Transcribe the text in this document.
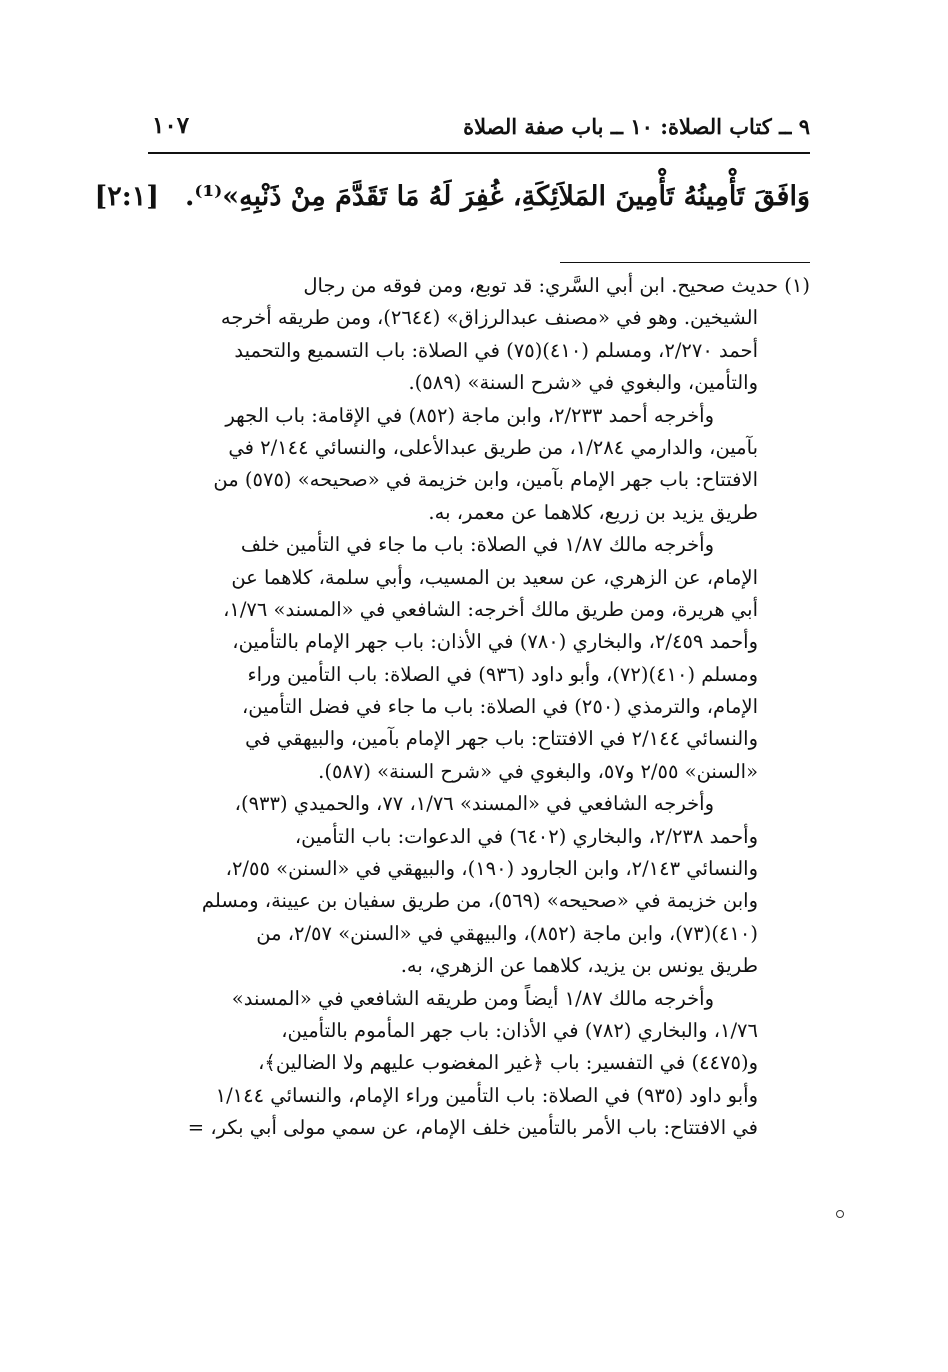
٩ ــ كتاب الصلاة: ١٠ ــ باب صفة الصلاة
١٠٧
وَافَقَ تَأْمِينُهُ تَأْمِينَ المَلاَئِكَةِ، غُفِرَ لَهُ مَا تَقَدَّمَ مِنْ ذَنْبِهِ»⁽¹⁾.[٢:١]
(١) حديث صحيح. ابن أبي السَّري: قد توبع، ومن فوقه من رجال
الشيخين. وهو في «مصنف عبدالرزاق» (٢٦٤٤)، ومن طريقه أخرجه
أحمد ٢/٢٧٠، ومسلم (٤١٠)(٧٥) في الصلاة: باب التسميع والتحميد
والتأمين، والبغوي في «شرح السنة» (٥٨٩).
وأخرجه أحمد ٢/٢٣٣، وابن ماجة (٨٥٢) في الإقامة: باب الجهر
بآمين، والدارمي ١/٢٨٤، من طريق عبدالأعلى، والنسائي ٢/١٤٤ في
الافتتاح: باب جهر الإمام بآمين، وابن خزيمة في «صحيحه» (٥٧٥) من
طريق يزيد بن زريع، كلاهما عن معمر، به.
وأخرجه مالك ١/٨٧ في الصلاة: باب ما جاء في التأمين خلف
الإمام، عن الزهري، عن سعيد بن المسيب، وأبي سلمة، كلاهما عن
أبي هريرة، ومن طريق مالك أخرجه: الشافعي في «المسند» ١/٧٦،
وأحمد ٢/٤٥٩، والبخاري (٧٨٠) في الأذان: باب جهر الإمام بالتأمين،
ومسلم (٤١٠)(٧٢)، وأبو داود (٩٣٦) في الصلاة: باب التأمين وراء
الإمام، والترمذي (٢٥٠) في الصلاة: باب ما جاء في فضل التأمين،
والنسائي ٢/١٤٤ في الافتتاح: باب جهر الإمام بآمين، والبيهقي في
«السنن» ٢/٥٥ و٥٧، والبغوي في «شرح السنة» (٥٨٧).
وأخرجه الشافعي في «المسند» ١/٧٦، ٧٧، والحميدي (٩٣٣)،
وأحمد ٢/٢٣٨، والبخاري (٦٤٠٢) في الدعوات: باب التأمين،
والنسائي ٢/١٤٣، وابن الجارود (١٩٠)، والبيهقي في «السنن» ٢/٥٥،
وابن خزيمة في «صحيحه» (٥٦٩)، من طريق سفيان بن عيينة، ومسلم
(٤١٠)(٧٣)، وابن ماجة (٨٥٢)، والبيهقي في «السنن» ٢/٥٧، من
طريق يونس بن يزيد، كلاهما عن الزهري، به.
وأخرجه مالك ١/٨٧ أيضاً ومن طريقه الشافعي في «المسند»
١/٧٦، والبخاري (٧٨٢) في الأذان: باب جهر المأموم بالتأمين،
و(٤٤٧٥) في التفسير: باب ﴿غير المغضوب عليهم ولا الضالين﴾،
وأبو داود (٩٣٥) في الصلاة: باب التأمين وراء الإمام، والنسائي ١/١٤٤
في الافتتاح: باب الأمر بالتأمين خلف الإمام، عن سمي مولى أبي بكر، =
